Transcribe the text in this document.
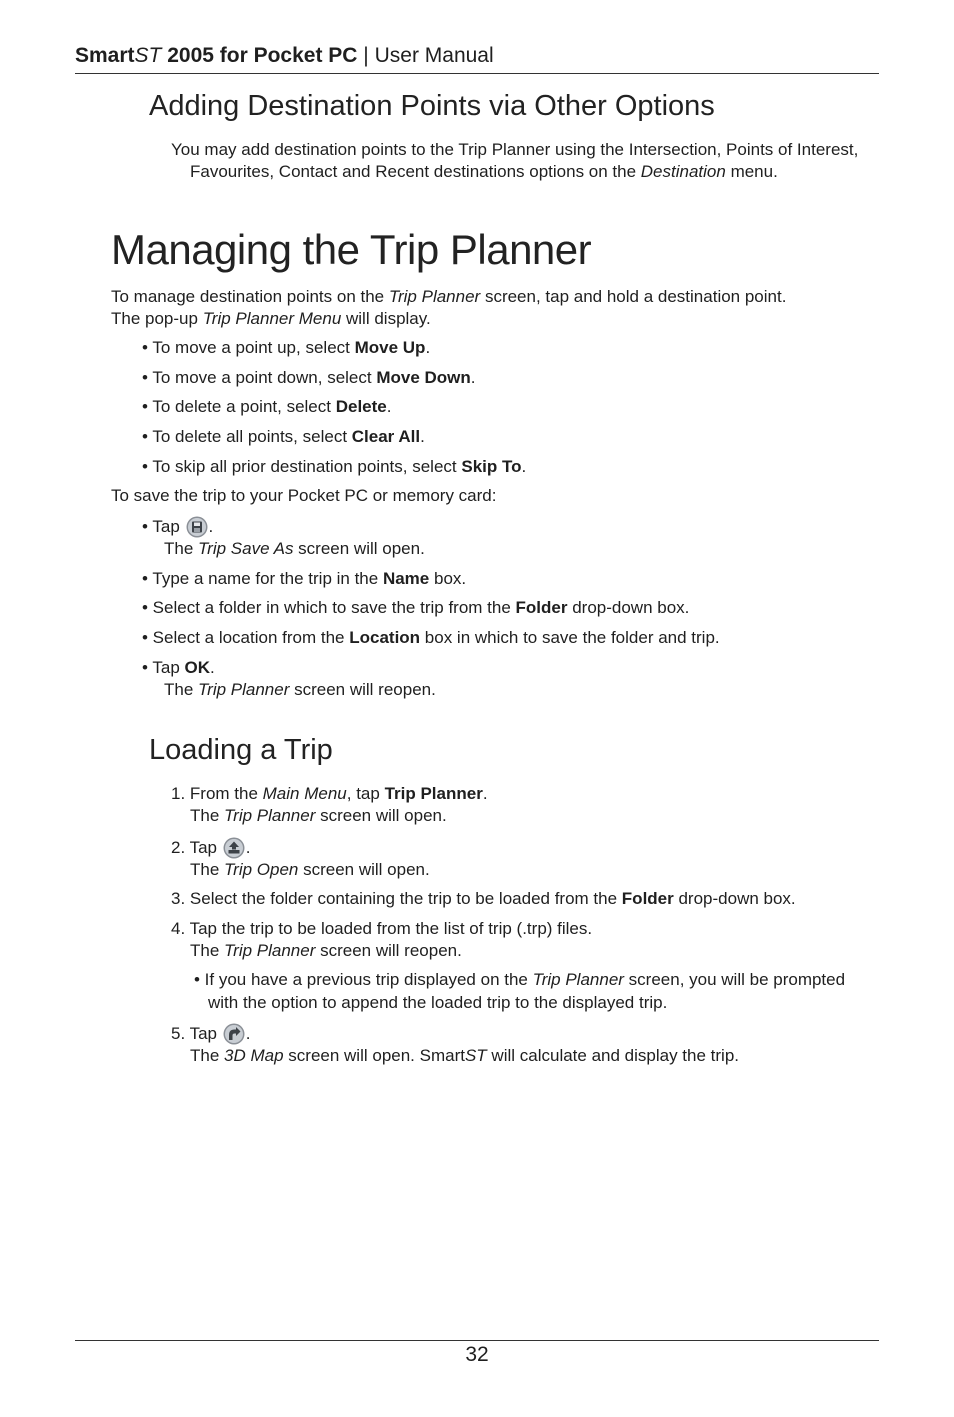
SmartST 2005 for Pocket PC | User Manual
Adding Destination Points via Other Options
You may add destination points to the Trip Planner using the Intersection, Points of Interest,
Favourites, Contact and Recent destinations options on the Destination menu.
Managing the Trip Planner
To manage destination points on the Trip Planner screen, tap and hold a destination point.
The pop-up Trip Planner Menu will display.
• To move a point up, select Move Up.
• To move a point down, select Move Down.
• To delete a point, select Delete.
• To delete all points, select Clear All.
• To skip all prior destination points, select Skip To.
To save the trip to your Pocket PC or memory card:
• Tap .
The Trip Save As screen will open.
• Type a name for the trip in the Name box.
• Select a folder in which to save the trip from the Folder drop-down box.
• Select a location from the Location box in which to save the folder and trip.
• Tap OK.
The Trip Planner screen will reopen.
Loading a Trip
1. From the Main Menu, tap Trip Planner.
The Trip Planner screen will open.
2. Tap .
The Trip Open screen will open.
3. Select the folder containing the trip to be loaded from the Folder drop-down box.
4. Tap the trip to be loaded from the list of trip (.trp) files.
The Trip Planner screen will reopen.
• If you have a previous trip displayed on the Trip Planner screen, you will be prompted
with the option to append the loaded trip to the displayed trip.
5. Tap .
The 3D Map screen will open. SmartST will calculate and display the trip.
32
